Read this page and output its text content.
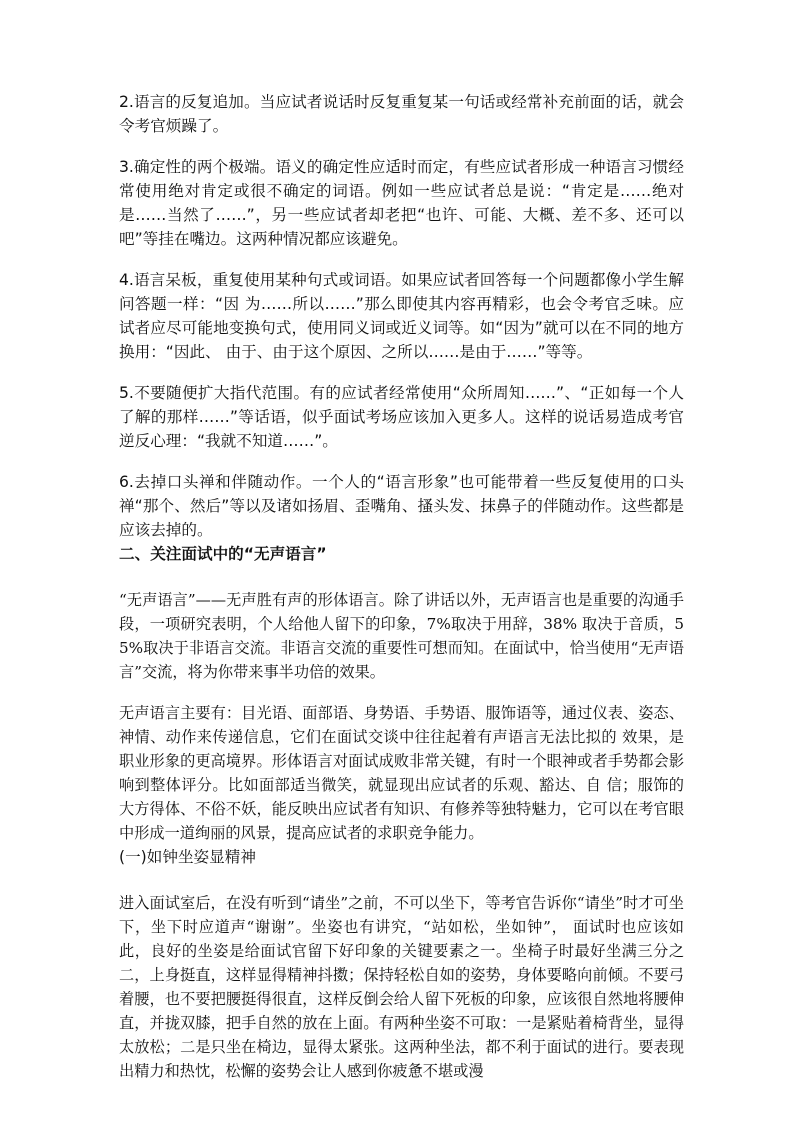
2.语言的反复追加。当应试者说话时反复重复某一句话或经常补充前面的话，就会令考官烦躁了。

3.确定性的两个极端。语义的确定性应适时而定，有些应试者形成一种语言习惯经常使用绝对肯定或很不确定的词语。例如一些应试者总是说：“肯定是……绝对是……当然了……”，另一些应试者却老把“也许、可能、大概、差不多、还可以吧”等挂在嘴边。这两种情况都应该避免。

4.语言呆板，重复使用某种句式或词语。如果应试者回答每一个问题都像小学生解问答题一样：“因 为……所以……”那么即使其内容再精彩，也会令考官乏味。应试者应尽可能地变换句式，使用同义词或近义词等。如“因为”就可以在不同的地方换用：“因此、 由于、由于这个原因、之所以……是由于……”等等。

5.不要随便扩大指代范围。有的应试者经常使用“众所周知……”、“正如每一个人了解的那样……”等话语，似乎面试考场应该加入更多人。这样的说话易造成考官逆反心理：“我就不知道……”。

6.去掉口头禅和伴随动作。一个人的“语言形象”也可能带着一些反复使用的口头禅“那个、然后”等以及诸如扬眉、歪嘴角、搔头发、抹鼻子的伴随动作。这些都是应该去掉的。

二、关注面试中的“无声语言”

“无声语言”——无声胜有声的形体语言。除了讲话以外，无声语言也是重要的沟通手段，一项研究表明，个人给他人留下的印象，7%取决于用辞，38% 取决于音质，55%取决于非语言交流。非语言交流的重要性可想而知。在面试中，恰当使用“无声语言”交流，将为你带来事半功倍的效果。

无声语言主要有：目光语、面部语、身势语、手势语、服饰语等，通过仪表、姿态、神情、动作来传递信息，它们在面试交谈中往往起着有声语言无法比拟的 效果，是职业形象的更高境界。形体语言对面试成败非常关键，有时一个眼神或者手势都会影响到整体评分。比如面部适当微笑，就显现出应试者的乐观、豁达、自 信；服饰的大方得体、不俗不妖，能反映出应试者有知识、有修养等独特魅力，它可以在考官眼中形成一道绚丽的风景，提高应试者的求职竞争能力。

(一)如钟坐姿显精神

进入面试室后，在没有听到“请坐”之前，不可以坐下，等考官告诉你“请坐”时才可坐下，坐下时应道声“谢谢”。坐姿也有讲究，“站如松，坐如钟”， 面试时也应该如此，良好的坐姿是给面试官留下好印象的关键要素之一。坐椅子时最好坐满三分之二，上身挺直，这样显得精神抖擞；保持轻松自如的姿势，身体要略向前倾。不要弓着腰，也不要把腰挺得很直，这样反倒会给人留下死板的印象，应该很自然地将腰伸直，并拢双膝，把手自然的放在上面。有两种坐姿不可取：一是紧贴着椅背坐，显得太放松；二是只坐在椅边，显得太紧张。这两种坐法，都不利于面试的进行。要表现出精力和热忱，松懈的姿势会让人感到你疲惫不堪或漫
